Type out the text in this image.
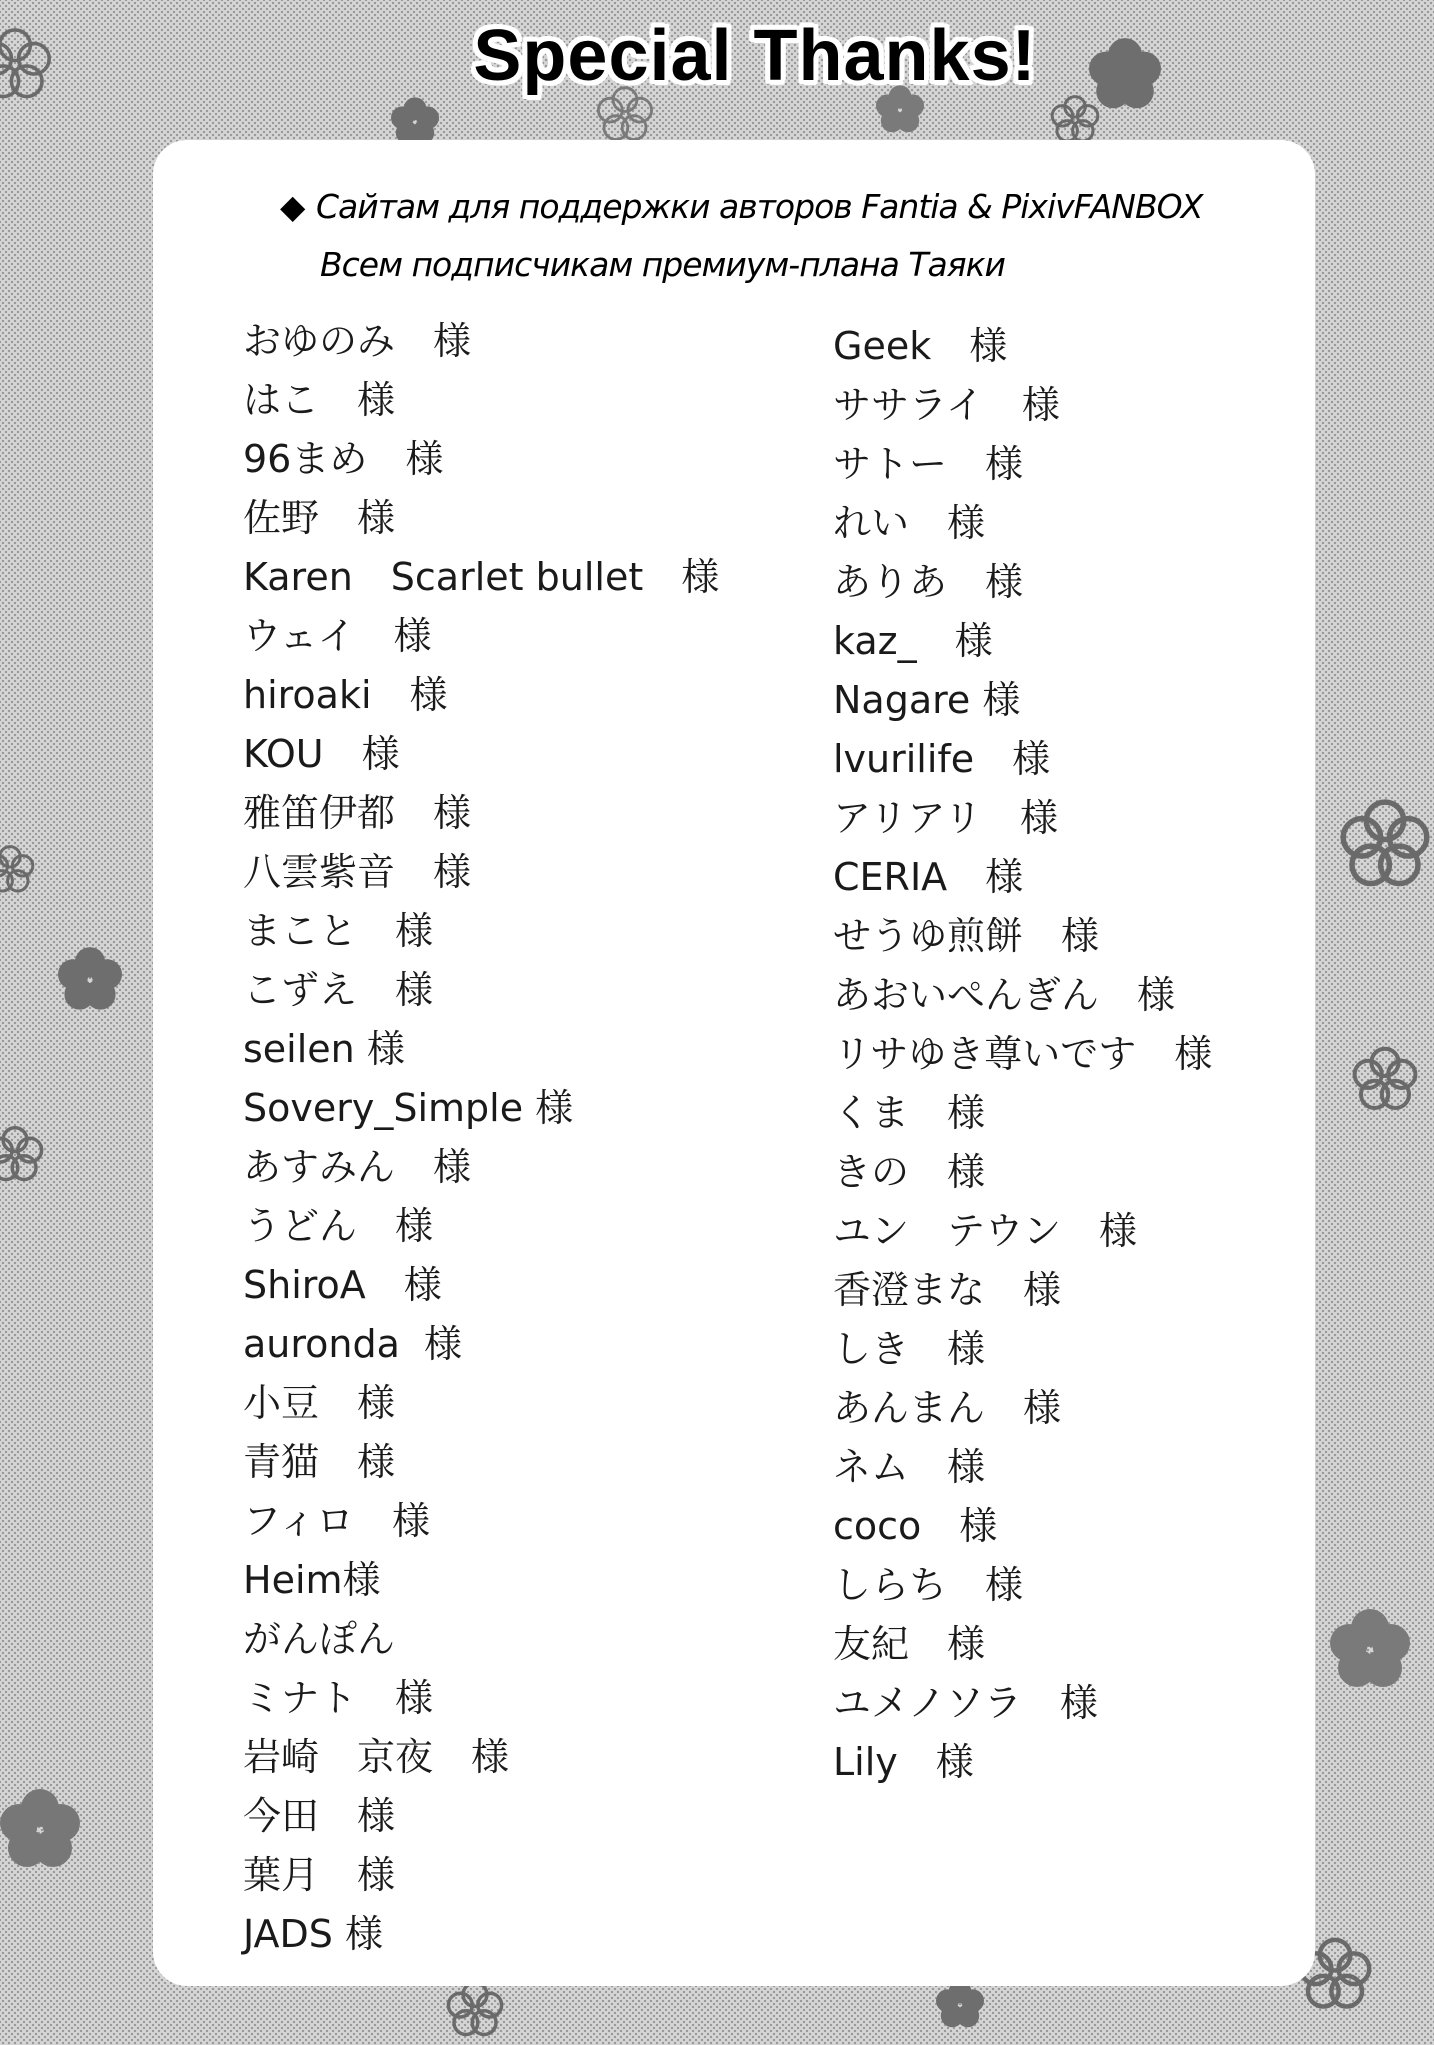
Special Thanks!
◆ Сайтам для поддержки авторов Fantia & PixivFANBOX
Всем подписчикам премиум-плана Таяки
おゆのみ　様
はこ　様
96まめ　様
佐野　様
Karen　Scarlet bullet　様
ウェイ　様
hiroaki　様
KOU　様
雅笛伊都　様
八雲紫音　様
まこと　様
こずえ　様
seilen 様
Sovery_Simple 様
あすみん　様
うどん　様
ShiroA　様
auronda  様
小豆　様
青猫　様
フィロ　様
Heim様
がんぽん
ミナト　様
岩崎　京夜　様
今田　様
葉月　様
JADS 様
Geek　様
ササライ　様
サトー　様
れい　様
ありあ　様
kaz_　様
Nagare 様
lvurilife　様
アリアリ　様
CERIA　様
せうゆ煎餅　様
あおいぺんぎん　様
リサゆき尊いです　様
くま　様
きの　様
ユン　テウン　様
香澄まな　様
しき　様
あんまん　様
ネム　様
coco　様
しらち　様
友紀　様
ユメノソラ　様
Lily　様
